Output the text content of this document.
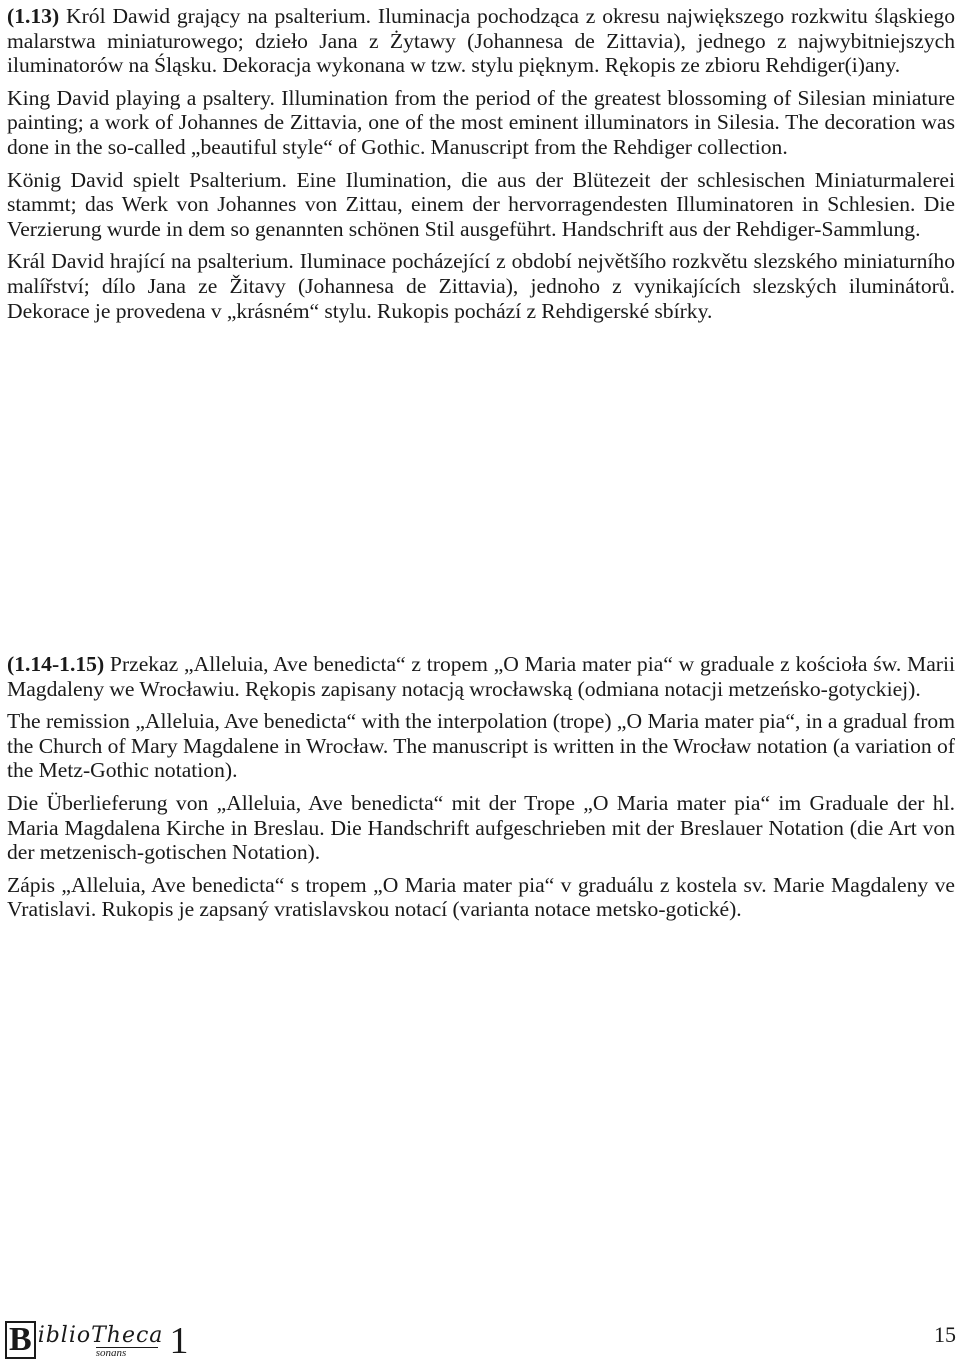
(1.13) Król Dawid grający na psalterium. Iluminacja pochodząca z okresu największego rozkwitu śląskiego malarstwa miniaturowego; dzieło Jana z Żytawy (Johannesa de Zittavia), jednego z najwybitniejszych iluminatorów na Śląsku. Dekoracja wykonana w tzw. stylu pięknym. Rękopis ze zbioru Rehdiger(i)any.

King David playing a psaltery. Illumination from the period of the greatest blossoming of Silesian miniature painting; a work of Johannes de Zittavia, one of the most eminent illuminators in Silesia. The decoration was done in the so-called „beautiful style“ of Gothic. Manuscript from the Rehdiger collection.

König David spielt Psalterium. Eine Ilumination, die aus der Blütezeit der schlesischen Miniaturmalerei stammt; das Werk von Johannes von Zittau, einem der hervorragendesten Illuminatoren in Schlesien. Die Verzierung wurde in dem so genannten schönen Stil ausgeführt. Handschrift aus der Rehdiger-Sammlung.

Král David hrající na psalterium. Iluminace pocházející z období největšího rozkvětu slezského miniaturního malířství; dílo Jana ze Žitavy (Johannesa de Zittavia), jednoho z vynikajících slezských iluminátorů. Dekorace je provedena v „krásném“ stylu. Rukopis pochází z Rehdigerské sbírky.

(1.14-1.15) Przekaz „Alleluia, Ave benedicta“ z tropem „O Maria mater pia“ w graduale z kościoła św. Marii Magdaleny we Wrocławiu. Rękopis zapisany notacją wrocławską (odmiana notacji metzeńsko-gotyckiej).

The remission „Alleluia, Ave benedicta“ with the interpolation (trope) „O Maria mater pia“, in a gradual from the Church of Mary Magdalene in Wrocław. The manuscript is written in the Wrocław notation (a variation of the Metz-Gothic notation).

Die Überlieferung von „Alleluia, Ave benedicta“ mit der Trope „O Maria mater pia“ im Graduale der hl. Maria Magdalena Kirche in Breslau. Die Handschrift aufgeschrieben mit der Breslauer Notation (die Art von der metzenisch-gotischen Notation).

Zápis „Alleluia, Ave benedicta“ s tropem „O Maria mater pia“ v graduálu z kostela sv. Marie Magdaleny ve Vratislavi. Rukopis je zapsaný vratislavskou notací (varianta notace metsko-gotické).

B iblioTheca
sonans	1	15
